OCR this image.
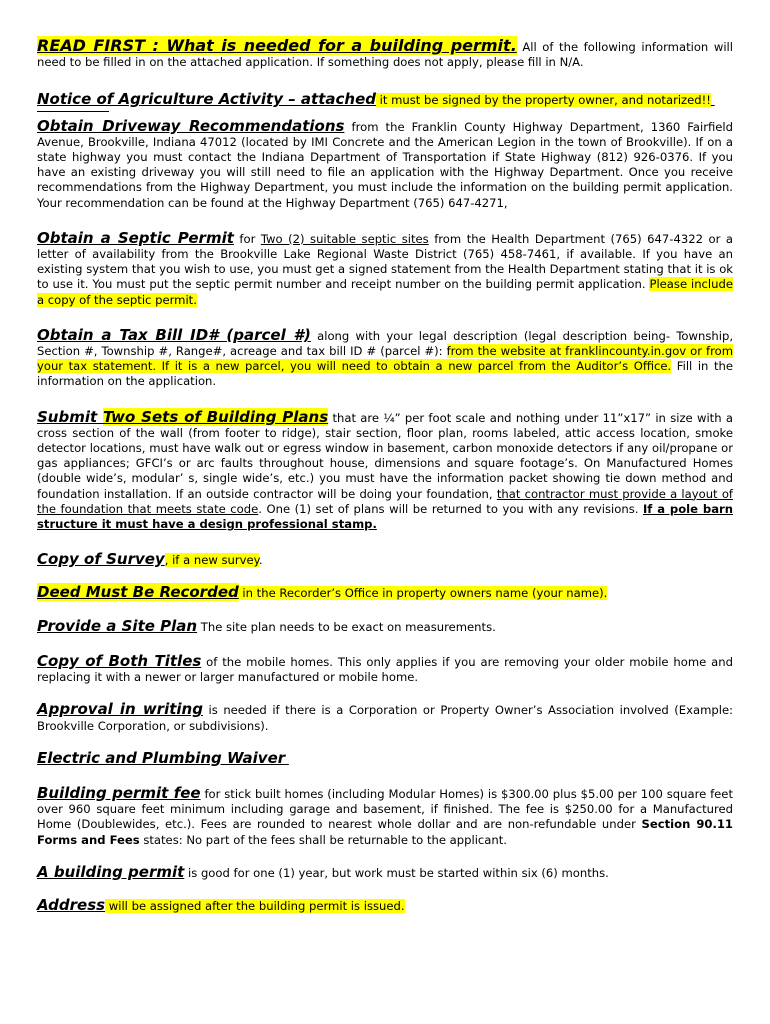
READ FIRST : What is needed for a building permit. All of the following information will need to be filled in on the attached application. If something does not apply, please fill in N/A.

Notice of Agriculture Activity – attached it must be signed by the property owner, and notarized!!

Obtain Driveway Recommendations from the Franklin County Highway Department, 1360 Fairfield Avenue, Brookville, Indiana 47012 (located by IMI Concrete and the American Legion in the town of Brookville). If on a state highway you must contact the Indiana Department of Transportation if State Highway (812) 926-0376. If you have an existing driveway you will still need to file an application with the Highway Department. Once you receive recommendations from the Highway Department, you must include the information on the building permit application. Your recommendation can be found at the Highway Department (765) 647-4271,

Obtain a Septic Permit for Two (2) suitable septic sites from the Health Department (765) 647-4322 or a letter of availability from the Brookville Lake Regional Waste District (765) 458-7461, if available. If you have an existing system that you wish to use, you must get a signed statement from the Health Department stating that it is ok to use it. You must put the septic permit number and receipt number on the building permit application. Please include a copy of the septic permit.

Obtain a Tax Bill ID# (parcel #) along with your legal description (legal description being- Township, Section #, Township #, Range#, acreage and tax bill ID # (parcel #): from the website at franklincounty.in.gov or from your tax statement. If it is a new parcel, you will need to obtain a new parcel from the Auditor’s Office. Fill in the information on the application.

Submit Two Sets of Building Plans that are ¼” per foot scale and nothing under 11”x17” in size with a cross section of the wall (from footer to ridge), stair section, floor plan, rooms labeled, attic access location, smoke detector locations, must have walk out or egress window in basement, carbon monoxide detectors if any oil/propane or gas appliances; GFCI’s or arc faults throughout house, dimensions and square footage’s. On Manufactured Homes (double wide’s, modular’ s, single wide’s, etc.) you must have the information packet showing tie down method and foundation installation. If an outside contractor will be doing your foundation, that contractor must provide a layout of the foundation that meets state code. One (1) set of plans will be returned to you with any revisions. If a pole barn structure it must have a design professional stamp.

Copy of Survey, if a new survey.

Deed Must Be Recorded in the Recorder’s Office in property owners name (your name).

Provide a Site Plan The site plan needs to be exact on measurements.

Copy of Both Titles of the mobile homes. This only applies if you are removing your older mobile home and replacing it with a newer or larger manufactured or mobile home.

Approval in writing is needed if there is a Corporation or Property Owner’s Association involved (Example: Brookville Corporation, or subdivisions).

Electric and Plumbing Waiver

Building permit fee for stick built homes (including Modular Homes) is $300.00 plus $5.00 per 100 square feet over 960 square feet minimum including garage and basement, if finished. The fee is $250.00 for a Manufactured Home (Doublewides, etc.). Fees are rounded to nearest whole dollar and are non-refundable under Section 90.11 Forms and Fees states: No part of the fees shall be returnable to the applicant.

A building permit is good for one (1) year, but work must be started within six (6) months.

Address will be assigned after the building permit is issued.
